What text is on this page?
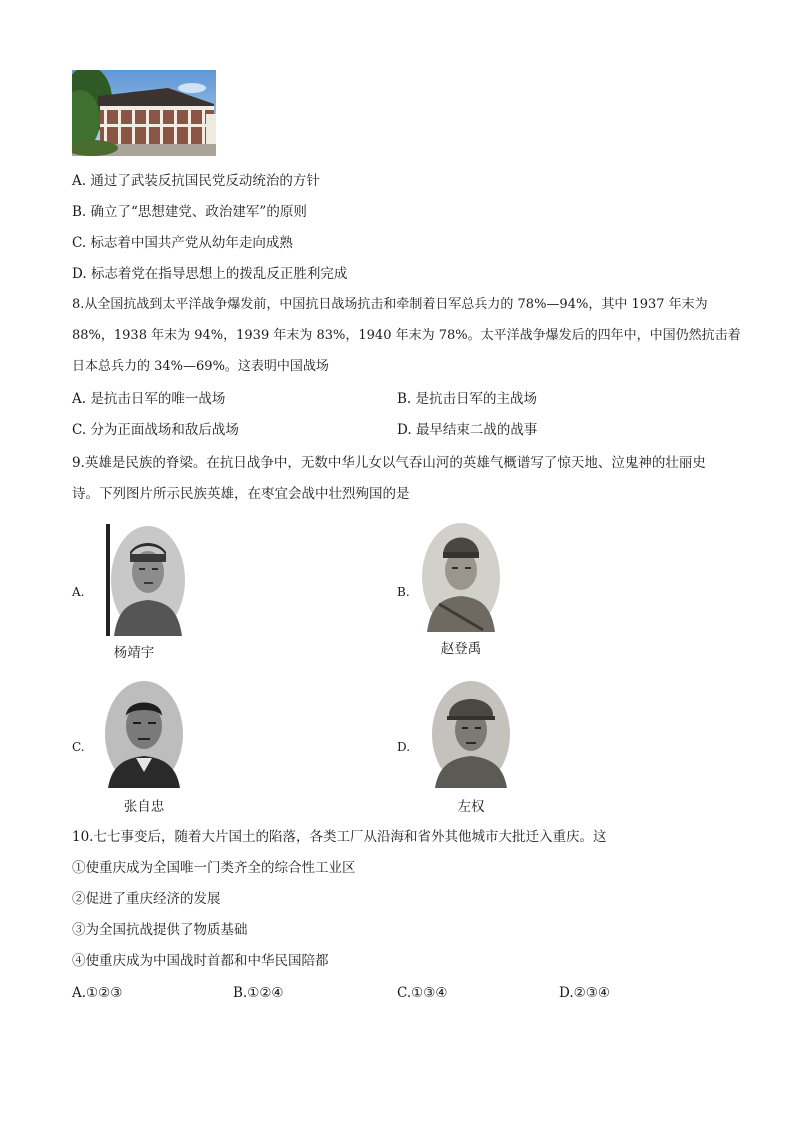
A. 通过了武装反抗国民党反动统治的方针
B. 确立了“思想建党、政治建军”的原则
C. 标志着中国共产党从幼年走向成熟
D. 标志着党在指导思想上的拨乱反正胜利完成
8.从全国抗战到太平洋战争爆发前，中国抗日战场抗击和牵制着日军总兵力的 78%—94%，其中 1937 年末为
88%，1938 年末为 94%，1939 年末为 83%，1940 年末为 78%。太平洋战争爆发后的四年中，中国仍然抗击着
日本总兵力的 34%—69%。这表明中国战场
A. 是抗击日军的唯一战场	B. 是抗击日军的主战场
C. 分为正面战场和敌后战场	D. 最早结束二战的战事
9.英雄是民族的脊梁。在抗日战争中，无数中华儿女以气吞山河的英雄气概谱写了惊天地、泣鬼神的壮丽史
诗。下列图片所示民族英雄，在枣宜会战中壮烈殉国的是
A.
杨靖宇
B.
赵登禹
C.
张自忠
D.
左权
10.七七事变后，随着大片国土的陷落，各类工厂从沿海和省外其他城市大批迁入重庆。这
①使重庆成为全国唯一门类齐全的综合性工业区
②促进了重庆经济的发展
③为全国抗战提供了物质基础
④使重庆成为中国战时首都和中华民国陪都
A.①②③	B.①②④	C.①③④	D.②③④
